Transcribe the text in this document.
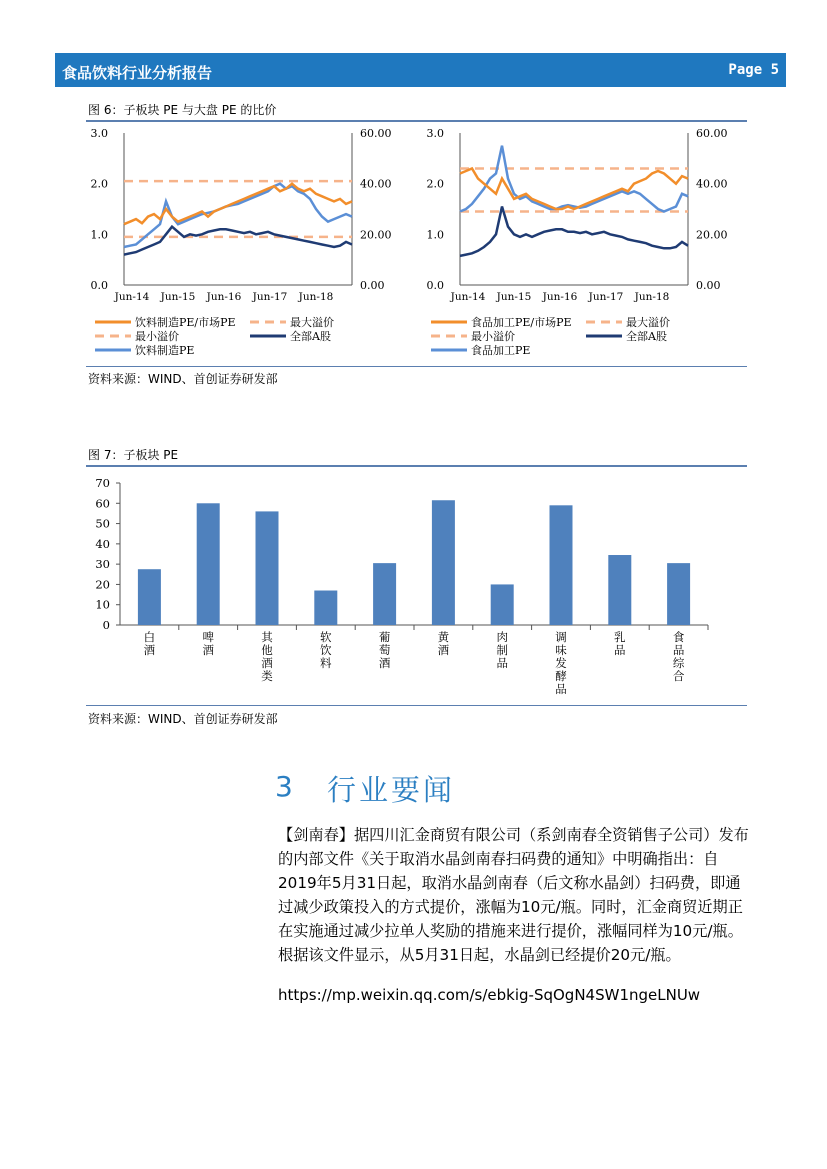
食品饮料行业分析报告	Page 5
图 6：子板块 PE 与大盘 PE 的比价
3.0
2.0
1.0
0.0
60.00
40.00
20.00
0.00
Jun-14 Jun-15 Jun-16 Jun-17 Jun-18
饮料制造PE/市场PE	最大溢价
最小溢价	全部A股
饮料制造PE
3.0
2.0
1.0
0.0
60.00
40.00
20.00
0.00
Jun-14 Jun-15 Jun-16 Jun-17 Jun-18
食品加工PE/市场PE	最大溢价
最小溢价	全部A股
食品加工PE
资料来源：WIND、首创证券研发部
图 7：子板块 PE
70
60
50
40
30
20
10
0
白酒
啤酒
其他酒类
软饮料
葡萄酒
黄酒
肉制品
调味发酵品
乳品
食品综合
资料来源：WIND、首创证券研发部
3 行业要闻
【剑南春】据四川汇金商贸有限公司（系剑南春全资销售子公司）发布的内部文件《关于取消水晶剑南春扫码费的通知》中明确指出：自2019年5月31日起，取消水晶剑南春（后文称水晶剑）扫码费，即通过减少政策投入的方式提价，涨幅为10元/瓶。同时，汇金商贸近期正在实施通过减少拉单人奖励的措施来进行提价，涨幅同样为10元/瓶。根据该文件显示，从5月31日起，水晶剑已经提价20元/瓶。
https://mp.weixin.qq.com/s/ebkig-SqOgN4SW1ngeLNUw
